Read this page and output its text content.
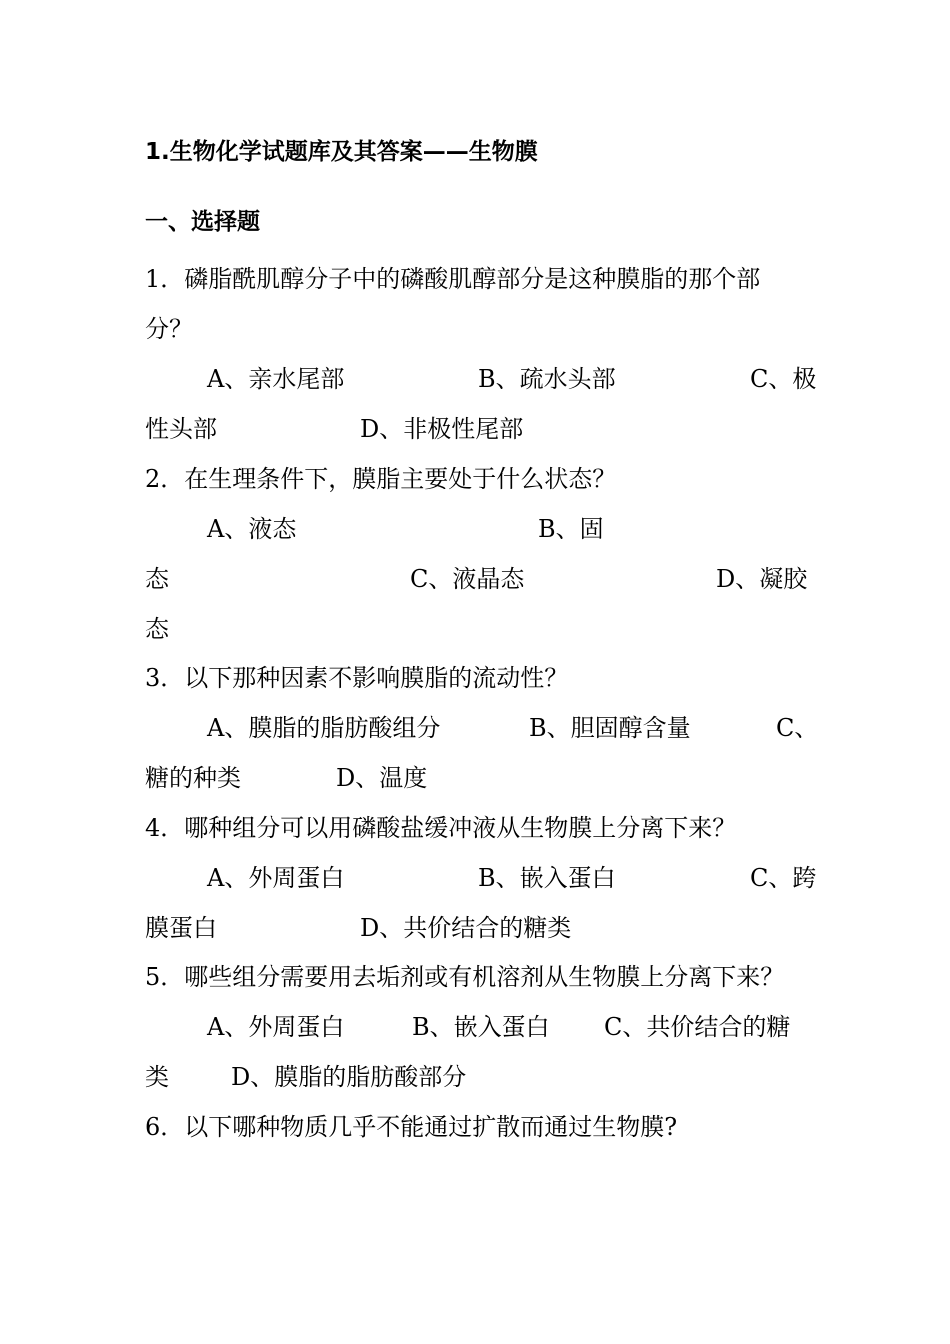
1.生物化学试题库及其答案——生物膜
一、选择题
1．磷脂酰肌醇分子中的磷酸肌醇部分是这种膜脂的那个部
分？
A、亲水尾部	B、疏水头部	C、极
性头部	D、非极性尾部
2．在生理条件下，膜脂主要处于什么状态？
A、液态	B、固
态	C、液晶态	D、凝胶
态
3．以下那种因素不影响膜脂的流动性？
A、膜脂的脂肪酸组分	B、胆固醇含量	C、
糖的种类	D、温度
4．哪种组分可以用磷酸盐缓冲液从生物膜上分离下来？
A、外周蛋白	B、嵌入蛋白	C、跨
膜蛋白	D、共价结合的糖类
5．哪些组分需要用去垢剂或有机溶剂从生物膜上分离下来？
A、外周蛋白	B、嵌入蛋白 C、共价结合的糖
类	D、膜脂的脂肪酸部分
6．以下哪种物质几乎不能通过扩散而通过生物膜?
